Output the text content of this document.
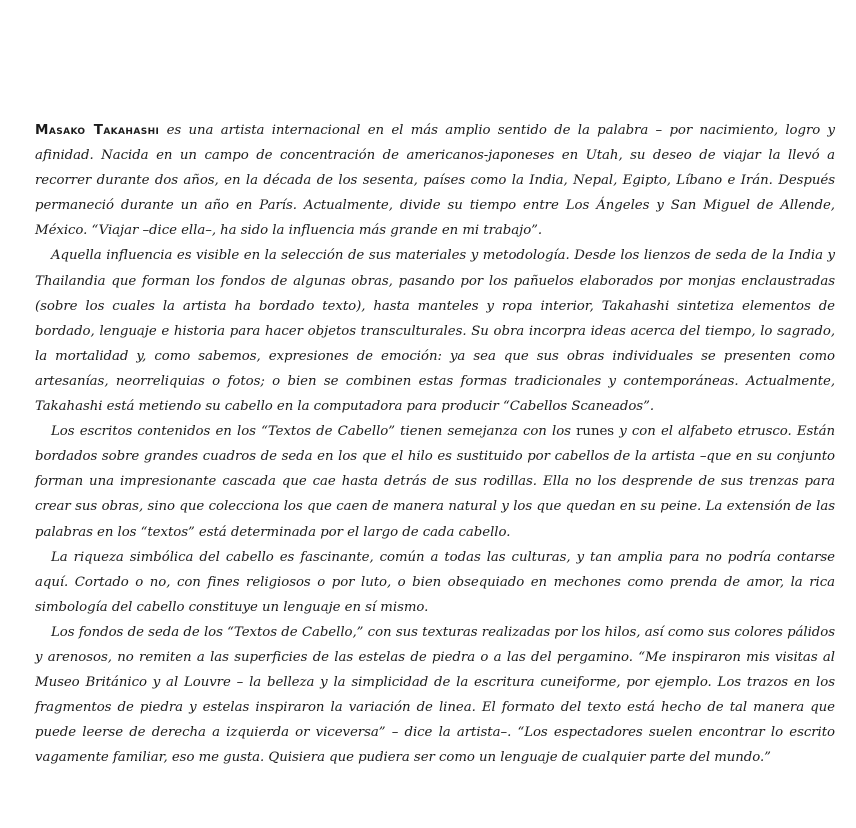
Masako Takahashi es una artista internacional en el más amplio sentido de la palabra – por nacimiento, logro y afinidad. Nacida en un campo de concentración de americanos-japoneses en Utah, su deseo de viajar la llevó a recorrer durante dos años, en la década de los sesenta, países como la India, Nepal, Egipto, Líbano e Irán. Después permaneció durante un año en París. Actualmente, divide su tiempo entre Los Ángeles y San Miguel de Allende, México. “Viajar –dice ella–, ha sido la influencia más grande en mi trabajo”.

Aquella influencia es visible en la selección de sus materiales y metodología. Desde los lienzos de seda de la India y Thailandia que forman los fondos de algunas obras, pasando por los pañuelos elaborados por monjas enclaustradas (sobre los cuales la artista ha bordado texto), hasta manteles y ropa interior, Takahashi sintetiza elementos de bordado, lenguaje e historia para hacer objetos transculturales. Su obra incorpra ideas acerca del tiempo, lo sagrado, la mortalidad y, como sabemos, expresiones de emoción: ya sea que sus obras individuales se presenten como artesanías, neorreliquias o fotos; o bien se combinen estas formas tradicionales y contemporáneas. Actualmente, Takahashi está metiendo su cabello en la computadora para producir “Cabellos Scaneados”.

Los escritos contenidos en los “Textos de Cabello” tienen semejanza con los runes y con el alfabeto etrusco. Están bordados sobre grandes cuadros de seda en los que el hilo es sustituido por cabellos de la artista –que en su conjunto forman una impresionante cascada que cae hasta detrás de sus rodillas. Ella no los desprende de sus trenzas para crear sus obras, sino que colecciona los que caen de manera natural y los que quedan en su peine. La extensión de las palabras en los “textos” está determinada por el largo de cada cabello.

La riqueza simbólica del cabello es fascinante, común a todas las culturas, y tan amplia para no podría contarse aquí. Cortado o no, con fines religiosos o por luto, o bien obsequiado en mechones como prenda de amor, la rica simbología del cabello constituye un lenguaje en sí mismo.

Los fondos de seda de los “Textos de Cabello,” con sus texturas realizadas por los hilos, así como sus colores pálidos y arenosos, no remiten a las superficies de las estelas de piedra o a las del pergamino. “Me inspiraron mis visitas al Museo Británico y al Louvre – la belleza y la simplicidad de la escritura cuneiforme, por ejemplo. Los trazos en los fragmentos de piedra y estelas inspiraron la variación de linea. El formato del texto está hecho de tal manera que puede leerse de derecha a izquierda or viceversa” – dice la artista–. “Los espectadores suelen encontrar lo escrito vagamente familiar, eso me gusta. Quisiera que pudiera ser como un lenguaje de cualquier parte del mundo.”
